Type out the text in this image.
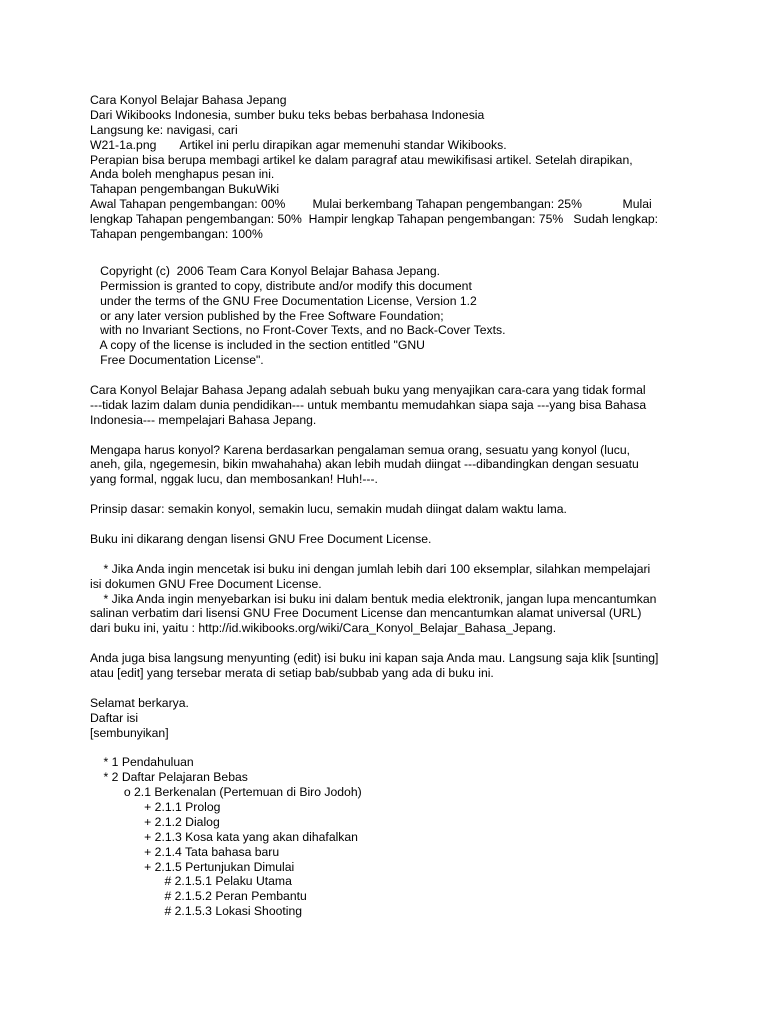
Cara Konyol Belajar Bahasa Jepang
Dari Wikibooks Indonesia, sumber buku teks bebas berbahasa Indonesia
Langsung ke: navigasi, cari
W21-1a.png       Artikel ini perlu dirapikan agar memenuhi standar Wikibooks.
Perapian bisa berupa membagi artikel ke dalam paragraf atau mewikifisasi artikel. Setelah dirapikan,
Anda boleh menghapus pesan ini.
Tahapan pengembangan BukuWiki
Awal Tahapan pengembangan: 00%        Mulai berkembang Tahapan pengembangan: 25%            Mulai
lengkap Tahapan pengembangan: 50%  Hampir lengkap Tahapan pengembangan: 75%   Sudah lengkap:
Tahapan pengembangan: 100%
Copyright (c)  2006 Team Cara Konyol Belajar Bahasa Jepang.
Permission is granted to copy, distribute and/or modify this document
under the terms of the GNU Free Documentation License, Version 1.2
or any later version published by the Free Software Foundation;
with no Invariant Sections, no Front-Cover Texts, and no Back-Cover Texts.
A copy of the license is included in the section entitled "GNU
Free Documentation License".
Cara Konyol Belajar Bahasa Jepang adalah sebuah buku yang menyajikan cara-cara yang tidak formal
---tidak lazim dalam dunia pendidikan--- untuk membantu memudahkan siapa saja ---yang bisa Bahasa
Indonesia--- mempelajari Bahasa Jepang.
Mengapa harus konyol? Karena berdasarkan pengalaman semua orang, sesuatu yang konyol (lucu,
aneh, gila, ngegemesin, bikin mwahahaha) akan lebih mudah diingat ---dibandingkan dengan sesuatu
yang formal, nggak lucu, dan membosankan! Huh!---.
Prinsip dasar: semakin konyol, semakin lucu, semakin mudah diingat dalam waktu lama.
Buku ini dikarang dengan lisensi GNU Free Document License.
* Jika Anda ingin mencetak isi buku ini dengan jumlah lebih dari 100 eksemplar, silahkan mempelajari
isi dokumen GNU Free Document License.
* Jika Anda ingin menyebarkan isi buku ini dalam bentuk media elektronik, jangan lupa mencantumkan
salinan verbatim dari lisensi GNU Free Document License dan mencantumkan alamat universal (URL)
dari buku ini, yaitu : http://id.wikibooks.org/wiki/Cara_Konyol_Belajar_Bahasa_Jepang.
Anda juga bisa langsung menyunting (edit) isi buku ini kapan saja Anda mau. Langsung saja klik [sunting]
atau [edit] yang tersebar merata di setiap bab/subbab yang ada di buku ini.
Selamat berkarya.
Daftar isi
[sembunyikan]
* 1 Pendahuluan
* 2 Daftar Pelajaran Bebas
o 2.1 Berkenalan (Pertemuan di Biro Jodoh)
+ 2.1.1 Prolog
+ 2.1.2 Dialog
+ 2.1.3 Kosa kata yang akan dihafalkan
+ 2.1.4 Tata bahasa baru
+ 2.1.5 Pertunjukan Dimulai
# 2.1.5.1 Pelaku Utama
# 2.1.5.2 Peran Pembantu
# 2.1.5.3 Lokasi Shooting
